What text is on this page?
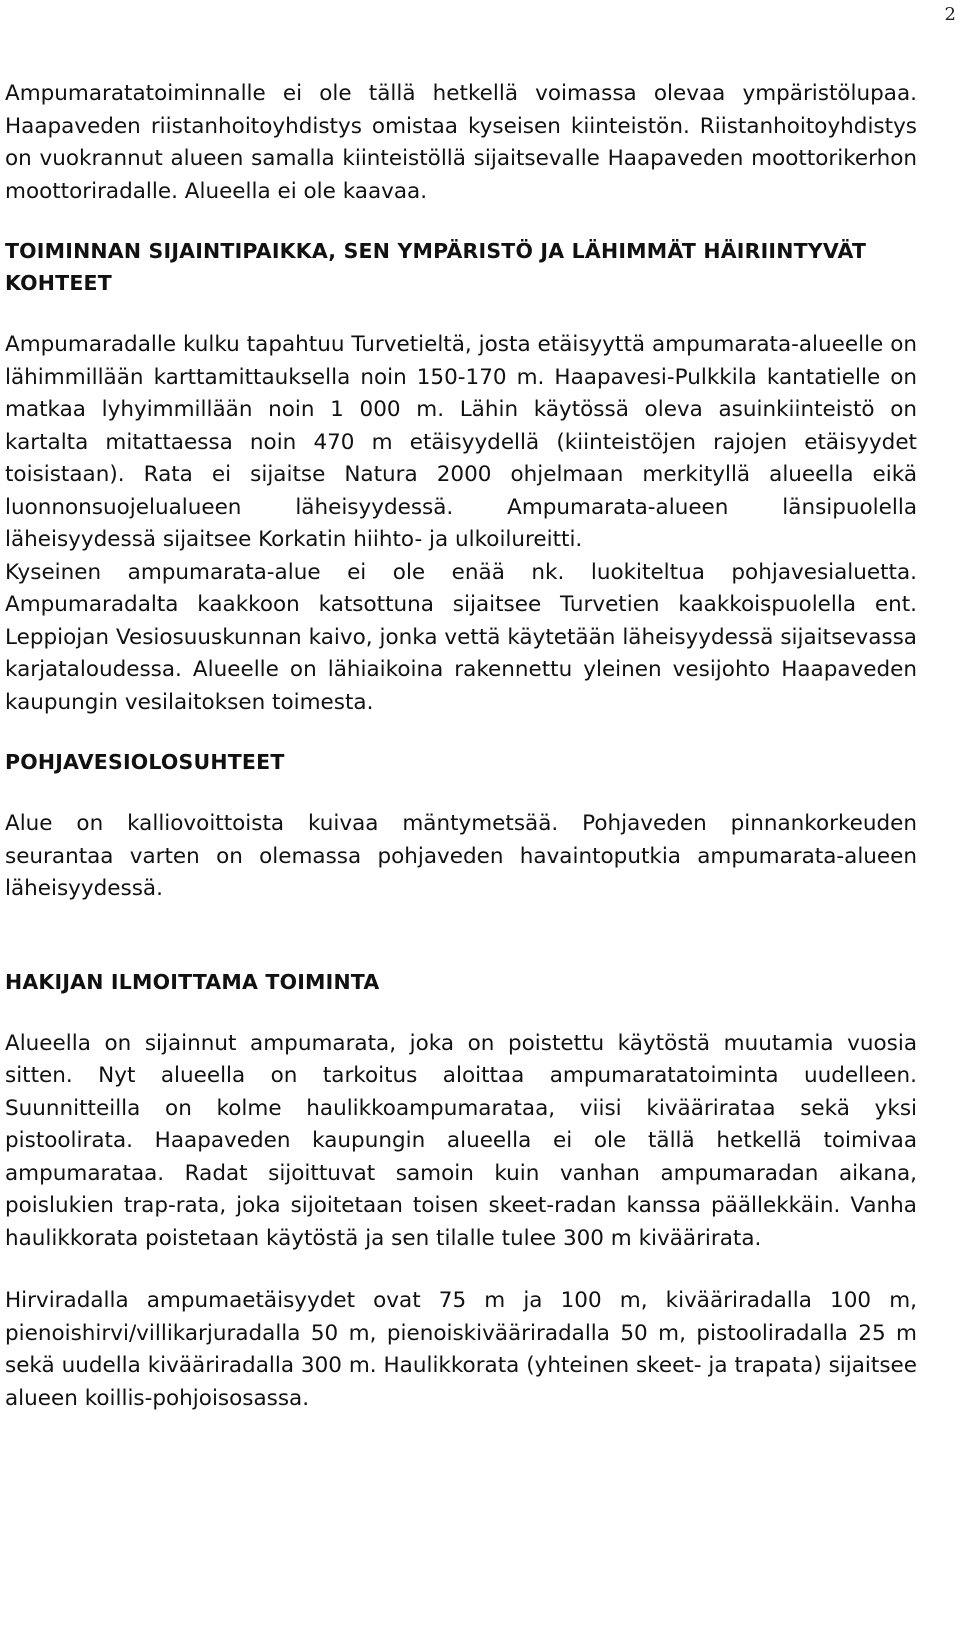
2

Ampumaratatoiminnalle ei ole tällä hetkellä voimassa olevaa ympäristölupaa. Haapaveden riistanhoitoyhdistys omistaa kyseisen kiinteistön. Riistanhoitoyhdistys on vuokrannut alueen samalla kiinteistöllä sijaitsevalle Haapaveden moottorikerhon moottoriradalle. Alueella ei ole kaavaa.

TOIMINNAN SIJAINTIPAIKKA, SEN YMPÄRISTÖ JA LÄHIMMÄT HÄIRIINTYVÄT KOHTEET

Ampumaradalle kulku tapahtuu Turvetieltä, josta etäisyyttä ampumarata-alueelle on lähimmillään karttamittauksella noin 150-170 m. Haapavesi-Pulkkila kantatielle on matkaa lyhyimmillään noin 1 000 m. Lähin käytössä oleva asuinkiinteistö on kartalta mitattaessa noin 470 m etäisyydellä (kiinteistöjen rajojen etäisyydet toisistaan). Rata ei sijaitse Natura 2000 ohjelmaan merkityllä alueella eikä luonnonsuojelualueen läheisyydessä. Ampumarata-alueen länsipuolella läheisyydessä sijaitsee Korkatin hiihto- ja ulkoilureitti.

Kyseinen ampumarata-alue ei ole enää nk. luokiteltua pohjavesialuetta. Ampumaradalta kaakkoon katsottuna sijaitsee Turvetien kaakkoispuolella ent. Leppiojan Vesiosuuskunnan kaivo, jonka vettä käytetään läheisyydessä sijaitsevassa karjataloudessa. Alueelle on lähiaikoina rakennettu yleinen vesijohto Haapaveden kaupungin vesilaitoksen toimesta.

POHJAVESIOLOSUHTEET

Alue on kalliovoittoista kuivaa mäntymetsää. Pohjaveden pinnankorkeuden seurantaa varten on olemassa pohjaveden havaintoputkia ampumarata-alueen läheisyydessä.

HAKIJAN ILMOITTAMA TOIMINTA

Alueella on sijainnut ampumarata, joka on poistettu käytöstä muutamia vuosia sitten. Nyt alueella on tarkoitus aloittaa ampumaratatoiminta uudelleen. Suunnitteilla on kolme haulikkoampumarataa, viisi kivääriratаа sekä yksi pistoolirata. Haapaveden kaupungin alueella ei ole tällä hetkellä toimivaa ampumarataa. Radat sijoittuvat samoin kuin vanhan ampumaradan aikana, poislukien trap-rata, joka sijoitetaan toisen skeet-radan kanssa päällekkäin. Vanha haulikkorata poistetaan käytöstä ja sen tilalle tulee 300 m kiväärirata.

Hirviradalla ampumaetäisyydet ovat 75 m ja 100 m, kivääriradalla 100 m, pienoishirvi/villikarjuradalla 50 m, pienoiskivääriradalla 50 m, pistooliradalla 25 m sekä uudella kivääriradalla 300 m. Haulikkorata (yhteinen skeet- ja trapata) sijaitsee alueen koillis-pohjoisosassa.
